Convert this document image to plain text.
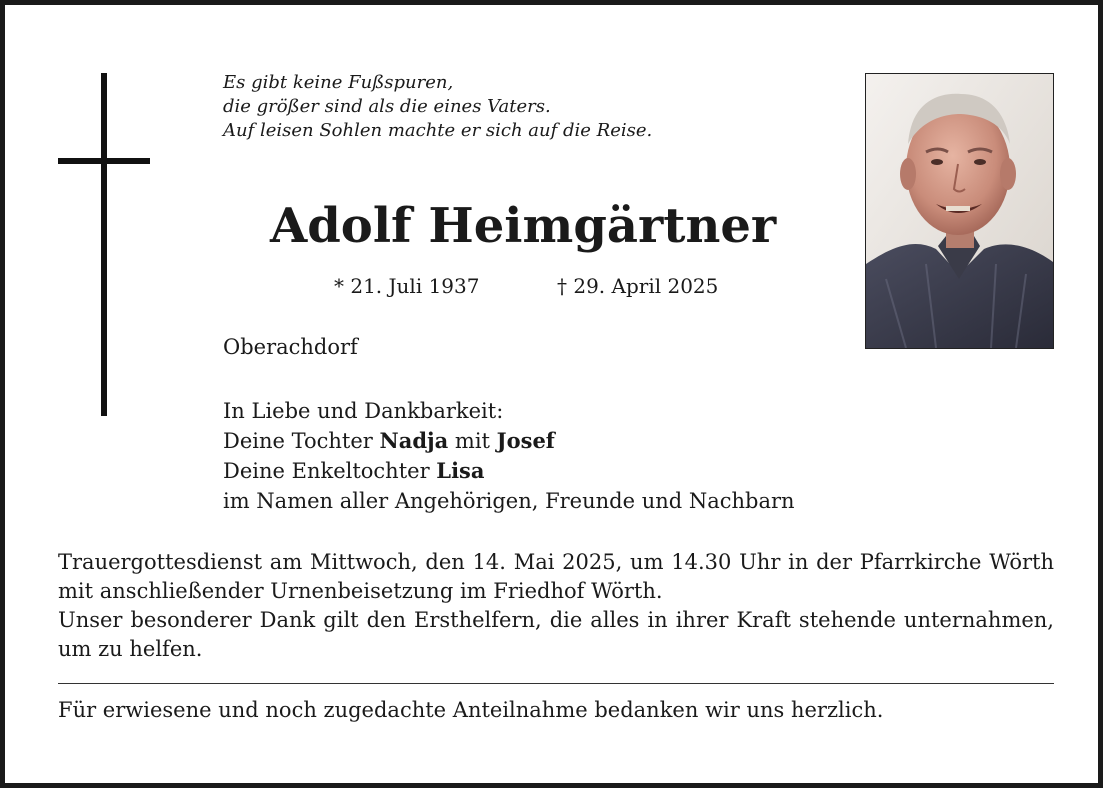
Es gibt keine Fußspuren,
die größer sind als die eines Vaters.
Auf leisen Sohlen machte er sich auf die Reise.
Adolf Heimgärtner
* 21. Juli 1937	† 29. April 2025
Oberachdorf
In Liebe und Dankbarkeit:
Deine Tochter Nadja mit Josef
Deine Enkeltochter Lisa
im Namen aller Angehörigen, Freunde und Nachbarn

Trauergottesdienst am Mittwoch, den 14. Mai 2025, um 14.30 Uhr in der Pfarrkirche Wörth mit anschließender Urnenbeisetzung im Friedhof Wörth.

Unser besonderer Dank gilt den Ersthelfern, die alles in ihrer Kraft stehende unternahmen, um zu helfen.

Für erwiesene und noch zugedachte Anteilnahme bedanken wir uns herzlich.
